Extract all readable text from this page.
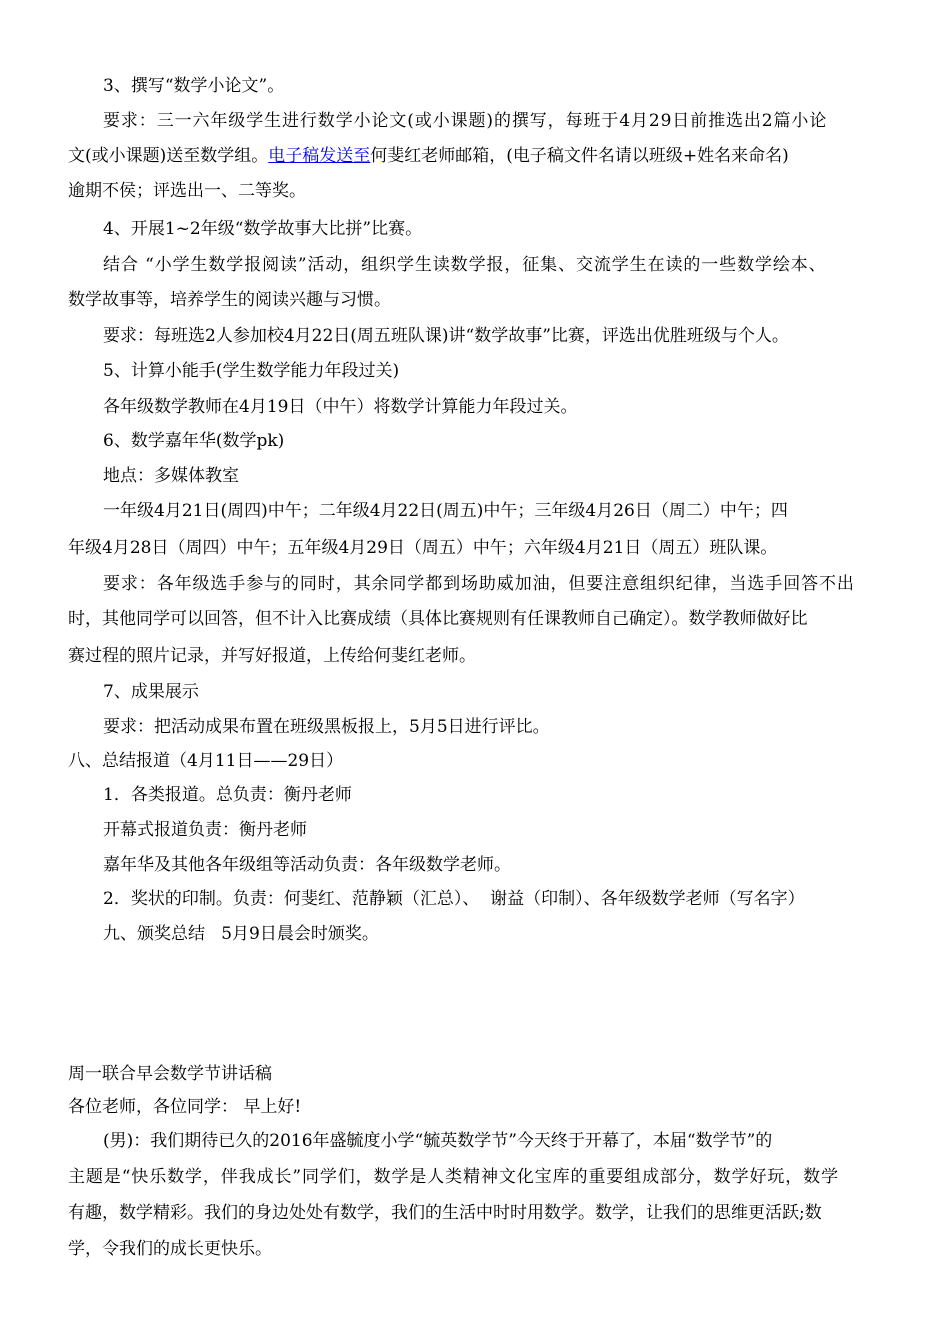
3、撰写“数学小论文”。
要求：三一六年级学生进行数学小论文(或小课题)的撰写，每班于4月29日前推选出2篇小论
文(或小课题)送至数学组。电子稿发送至何斐红老师邮箱，(电子稿文件名请以班级+姓名来命名)
逾期不侯；评选出一、二等奖。
4、开展1~2年级“数学故事大比拼”比赛。
结合 “小学生数学报阅读”活动，组织学生读数学报，征集、交流学生在读的一些数学绘本、
数学故事等，培养学生的阅读兴趣与习惯。
要求：每班选2人参加校4月22日(周五班队课)讲“数学故事”比赛，评选出优胜班级与个人。
5、计算小能手(学生数学能力年段过关)
各年级数学教师在4月19日（中午）将数学计算能力年段过关。
6、数学嘉年华(数学pk)
地点：多媒体教室
一年级4月21日(周四)中午；二年级4月22日(周五)中午；三年级4月26日（周二）中午；四
年级4月28日（周四）中午；五年级4月29日（周五）中午；六年级4月21日（周五）班队课。
要求：各年级选手参与的同时，其余同学都到场助威加油，但要注意组织纪律，当选手回答不出
时，其他同学可以回答，但不计入比赛成绩（具体比赛规则有任课教师自己确定）。数学教师做好比
赛过程的照片记录，并写好报道，上传给何斐红老师。
7、成果展示
要求：把活动成果布置在班级黑板报上，5月5日进行评比。
八、总结报道（4月11日——29日）
1．各类报道。总负责：衡丹老师
开幕式报道负责：衡丹老师
嘉年华及其他各年级组等活动负责：各年级数学老师。
2．奖状的印制。负责：何斐红、范静颖（汇总）、  谢益（印制）、各年级数学老师（写名字）
九、颁奖总结   5月9日晨会时颁奖。
周一联合早会数学节讲话稿
各位老师，各位同学： 早上好!
(男)：我们期待已久的2016年盛毓度小学“毓英数学节”今天终于开幕了，本届“数学节”的
主题是“快乐数学，伴我成长”同学们，数学是人类精神文化宝库的重要组成部分，数学好玩，数学
有趣，数学精彩。我们的身边处处有数学，我们的生活中时时用数学。数学，让我们的思维更活跃;数
学，令我们的成长更快乐。
